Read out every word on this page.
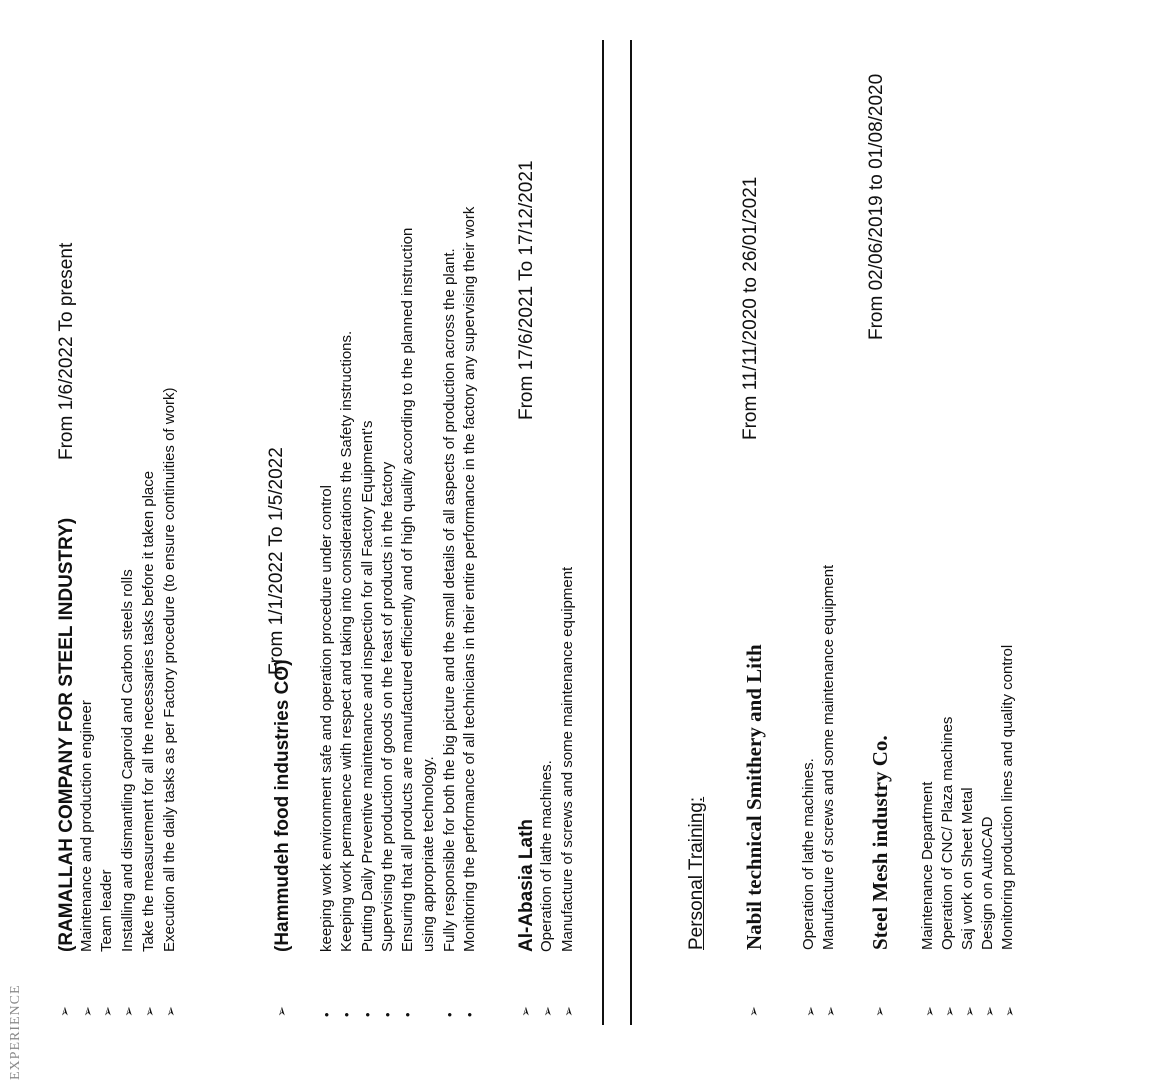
EXPERIENCE	➢
(RAMALLAH COMPANY FOR STEEL INDUSTRY)
From 1/6/2022 To present
➢
Maintenance and production engineer
➢
Team leader
➢
Installing and dismantling Caproid and Carbon steels rolls
➢
Take the measurement for all the necessaries tasks before it taken place
➢
Execution all the daily tasks as per Factory procedure (to ensure continuities of work)
➢
(Hammudeh food industries CO)
From 1/1/2022 To 1/5/2022
•
keeping work environment safe and operation procedure under control
•
Keeping work permanence with respect and taking into considerations the Safety instructions.
•
Putting Daily Preventive maintenance and inspection for all Factory Equipment's
•
Supervising the production of goods on the feast of products in the factory
•
Ensuring that all products are manufactured efficiently and of high quality according to the planned instruction using appropriate technology.
•
Fully responsible for both the big picture and the small details of all aspects of production across the plant.
•
Monitoring the performance of all technicians in their entire performance in the factory any supervising their work
➢
Al-Abasia Lath
From 17/6/2021 To 17/12/2021
➢
Operation of lathe machines.
➢
Manufacture of screws and some maintenance equipment	Personal Training:
➢
Nabil technical Smithery and Lith
From 11/11/2020 to 26/01/2021
➢
Operation of lathe machines.
➢
Manufacture of screws and some maintenance equipment
➢
Steel Mesh industry Co.
From 02/06/2019 to 01/08/2020
➢
Maintenance Department
➢
Operation of CNC/ Plaza machines
➢
Saj work on Sheet Metal
➢
Design on AutoCAD
➢
Monitoring production lines and quality control
